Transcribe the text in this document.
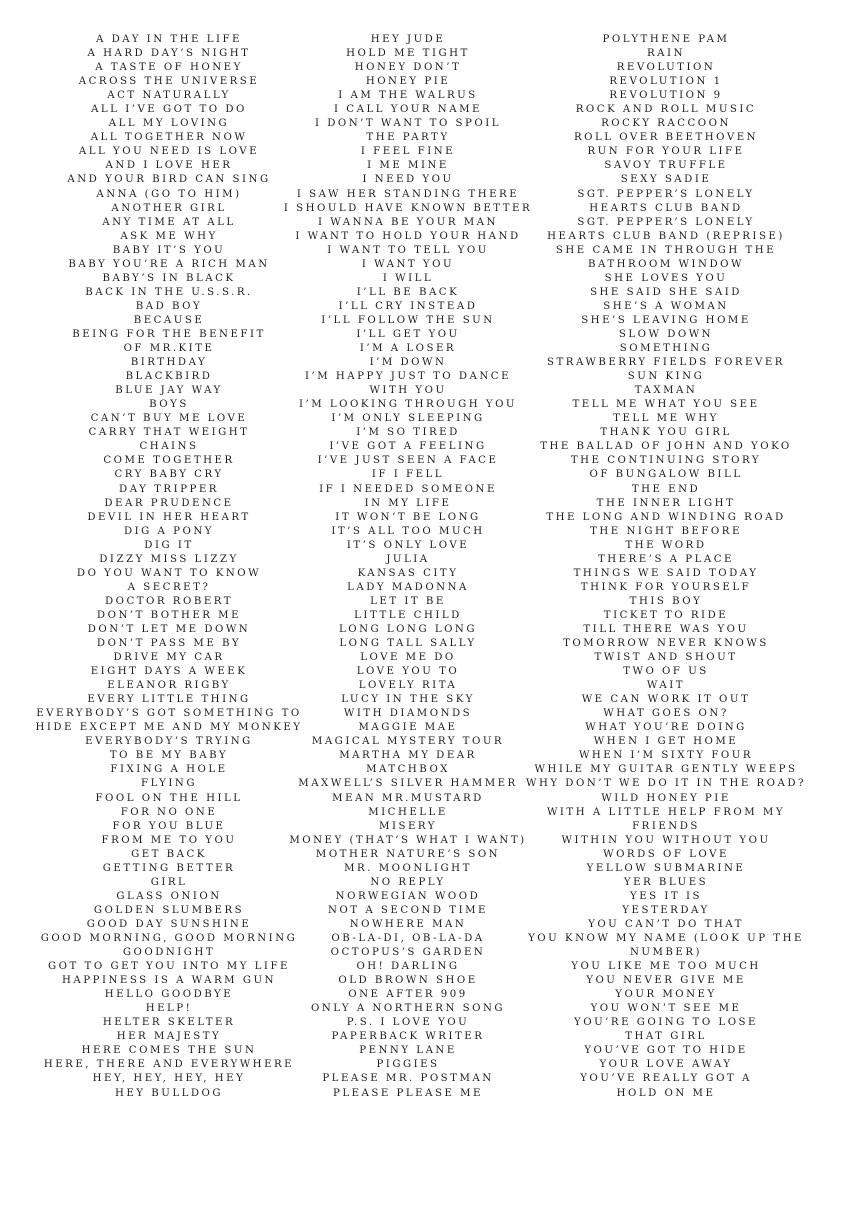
A DAY IN THE LIFE
A HARD DAY’S NIGHT
A TASTE OF HONEY
ACROSS THE UNIVERSE
ACT NATURALLY
ALL I’VE GOT TO DO
ALL MY LOVING
ALL TOGETHER NOW
ALL YOU NEED IS LOVE
AND I LOVE HER
AND YOUR BIRD CAN SING
ANNA (GO TO HIM)
ANOTHER GIRL
ANY TIME AT ALL
ASK ME WHY
BABY IT’S YOU
BABY YOU’RE A RICH MAN
BABY’S IN BLACK
BACK IN THE U.S.S.R.
BAD BOY
BECAUSE
BEING FOR THE BENEFIT
OF MR.KITE
BIRTHDAY
BLACKBIRD
BLUE JAY WAY
BOYS
CAN’T BUY ME LOVE
CARRY THAT WEIGHT
CHAINS
COME TOGETHER
CRY BABY CRY
DAY TRIPPER
DEAR PRUDENCE
DEVIL IN HER HEART
DIG A PONY
DIG IT
DIZZY MISS LIZZY
DO YOU WANT TO KNOW
A SECRET?
DOCTOR ROBERT
DON’T BOTHER ME
DON’T LET ME DOWN
DON’T PASS ME BY
DRIVE MY CAR
EIGHT DAYS A WEEK
ELEANOR RIGBY
EVERY LITTLE THING
EVERYBODY’S GOT SOMETHING TO
HIDE EXCEPT ME AND MY MONKEY
EVERYBODY’S TRYING
TO BE MY BABY
FIXING A HOLE
FLYING
FOOL ON THE HILL
FOR NO ONE
FOR YOU BLUE
FROM ME TO YOU
GET BACK
GETTING BETTER
GIRL
GLASS ONION
GOLDEN SLUMBERS
GOOD DAY SUNSHINE
GOOD MORNING, GOOD MORNING
GOODNIGHT
GOT TO GET YOU INTO MY LIFE
HAPPINESS IS A WARM GUN
HELLO GOODBYE
HELP!
HELTER SKELTER
HER MAJESTY
HERE COMES THE SUN
HERE, THERE AND EVERYWHERE
HEY, HEY, HEY, HEY
HEY BULLDOG
HEY JUDE
HOLD ME TIGHT
HONEY DON’T
HONEY PIE
I AM THE WALRUS
I CALL YOUR NAME
I DON’T WANT TO SPOIL
THE PARTY
I FEEL FINE
I ME MINE
I NEED YOU
I SAW HER STANDING THERE
I SHOULD HAVE KNOWN BETTER
I WANNA BE YOUR MAN
I WANT TO HOLD YOUR HAND
I WANT TO TELL YOU
I WANT YOU
I WILL
I’LL BE BACK
I’LL CRY INSTEAD
I’LL FOLLOW THE SUN
I’LL GET YOU
I’M A LOSER
I’M DOWN
I’M HAPPY JUST TO DANCE
WITH YOU
I’M LOOKING THROUGH YOU
I’M ONLY SLEEPING
I’M SO TIRED
I’VE GOT A FEELING
I’VE JUST SEEN A FACE
IF I FELL
IF I NEEDED SOMEONE
IN MY LIFE
IT WON’T BE LONG
IT’S ALL TOO MUCH
IT’S ONLY LOVE
JULIA
KANSAS CITY
LADY MADONNA
LET IT BE
LITTLE CHILD
LONG LONG LONG
LONG TALL SALLY
LOVE ME DO
LOVE YOU TO
LOVELY RITA
LUCY IN THE SKY
WITH DIAMONDS
MAGGIE MAE
MAGICAL MYSTERY TOUR
MARTHA MY DEAR
MATCHBOX
MAXWELL’S SILVER HAMMER
MEAN MR.MUSTARD
MICHELLE
MISERY
MONEY (THAT’S WHAT I WANT)
MOTHER NATURE’S SON
MR. MOONLIGHT
NO REPLY
NORWEGIAN WOOD
NOT A SECOND TIME
NOWHERE MAN
OB-LA-DI, OB-LA-DA
OCTOPUS’S GARDEN
OH! DARLING
OLD BROWN SHOE
ONE AFTER 909
ONLY A NORTHERN SONG
P.S. I LOVE YOU
PAPERBACK WRITER
PENNY LANE
PIGGIES
PLEASE MR. POSTMAN
PLEASE PLEASE ME
POLYTHENE PAM
RAIN
REVOLUTION
REVOLUTION 1
REVOLUTION 9
ROCK AND ROLL MUSIC
ROCKY RACCOON
ROLL OVER BEETHOVEN
RUN FOR YOUR LIFE
SAVOY TRUFFLE
SEXY SADIE
SGT. PEPPER’S LONELY
HEARTS CLUB BAND
SGT. PEPPER’S LONELY
HEARTS CLUB BAND (REPRISE)
SHE CAME IN THROUGH THE
BATHROOM WINDOW
SHE LOVES YOU
SHE SAID SHE SAID
SHE’S A WOMAN
SHE’S LEAVING HOME
SLOW DOWN
SOMETHING
STRAWBERRY FIELDS FOREVER
SUN KING
TAXMAN
TELL ME WHAT YOU SEE
TELL ME WHY
THANK YOU GIRL
THE BALLAD OF JOHN AND YOKO
THE CONTINUING STORY
OF BUNGALOW BILL
THE END
THE INNER LIGHT
THE LONG AND WINDING ROAD
THE NIGHT BEFORE
THE WORD
THERE’S A PLACE
THINGS WE SAID TODAY
THINK FOR YOURSELF
THIS BOY
TICKET TO RIDE
TILL THERE WAS YOU
TOMORROW NEVER KNOWS
TWIST AND SHOUT
TWO OF US
WAIT
WE CAN WORK IT OUT
WHAT GOES ON?
WHAT YOU’RE DOING
WHEN I GET HOME
WHEN I’M SIXTY FOUR
WHILE MY GUITAR GENTLY WEEPS
WHY DON’T WE DO IT IN THE ROAD?
WILD HONEY PIE
WITH A LITTLE HELP FROM MY
FRIENDS
WITHIN YOU WITHOUT YOU
WORDS OF LOVE
YELLOW SUBMARINE
YER BLUES
YES IT IS
YESTERDAY
YOU CAN’T DO THAT
YOU KNOW MY NAME (LOOK UP THE
NUMBER)
YOU LIKE ME TOO MUCH
YOU NEVER GIVE ME
YOUR MONEY
YOU WON’T SEE ME
YOU’RE GOING TO LOSE
THAT GIRL
YOU’VE GOT TO HIDE
YOUR LOVE AWAY
YOU’VE REALLY GOT A
HOLD ON ME
